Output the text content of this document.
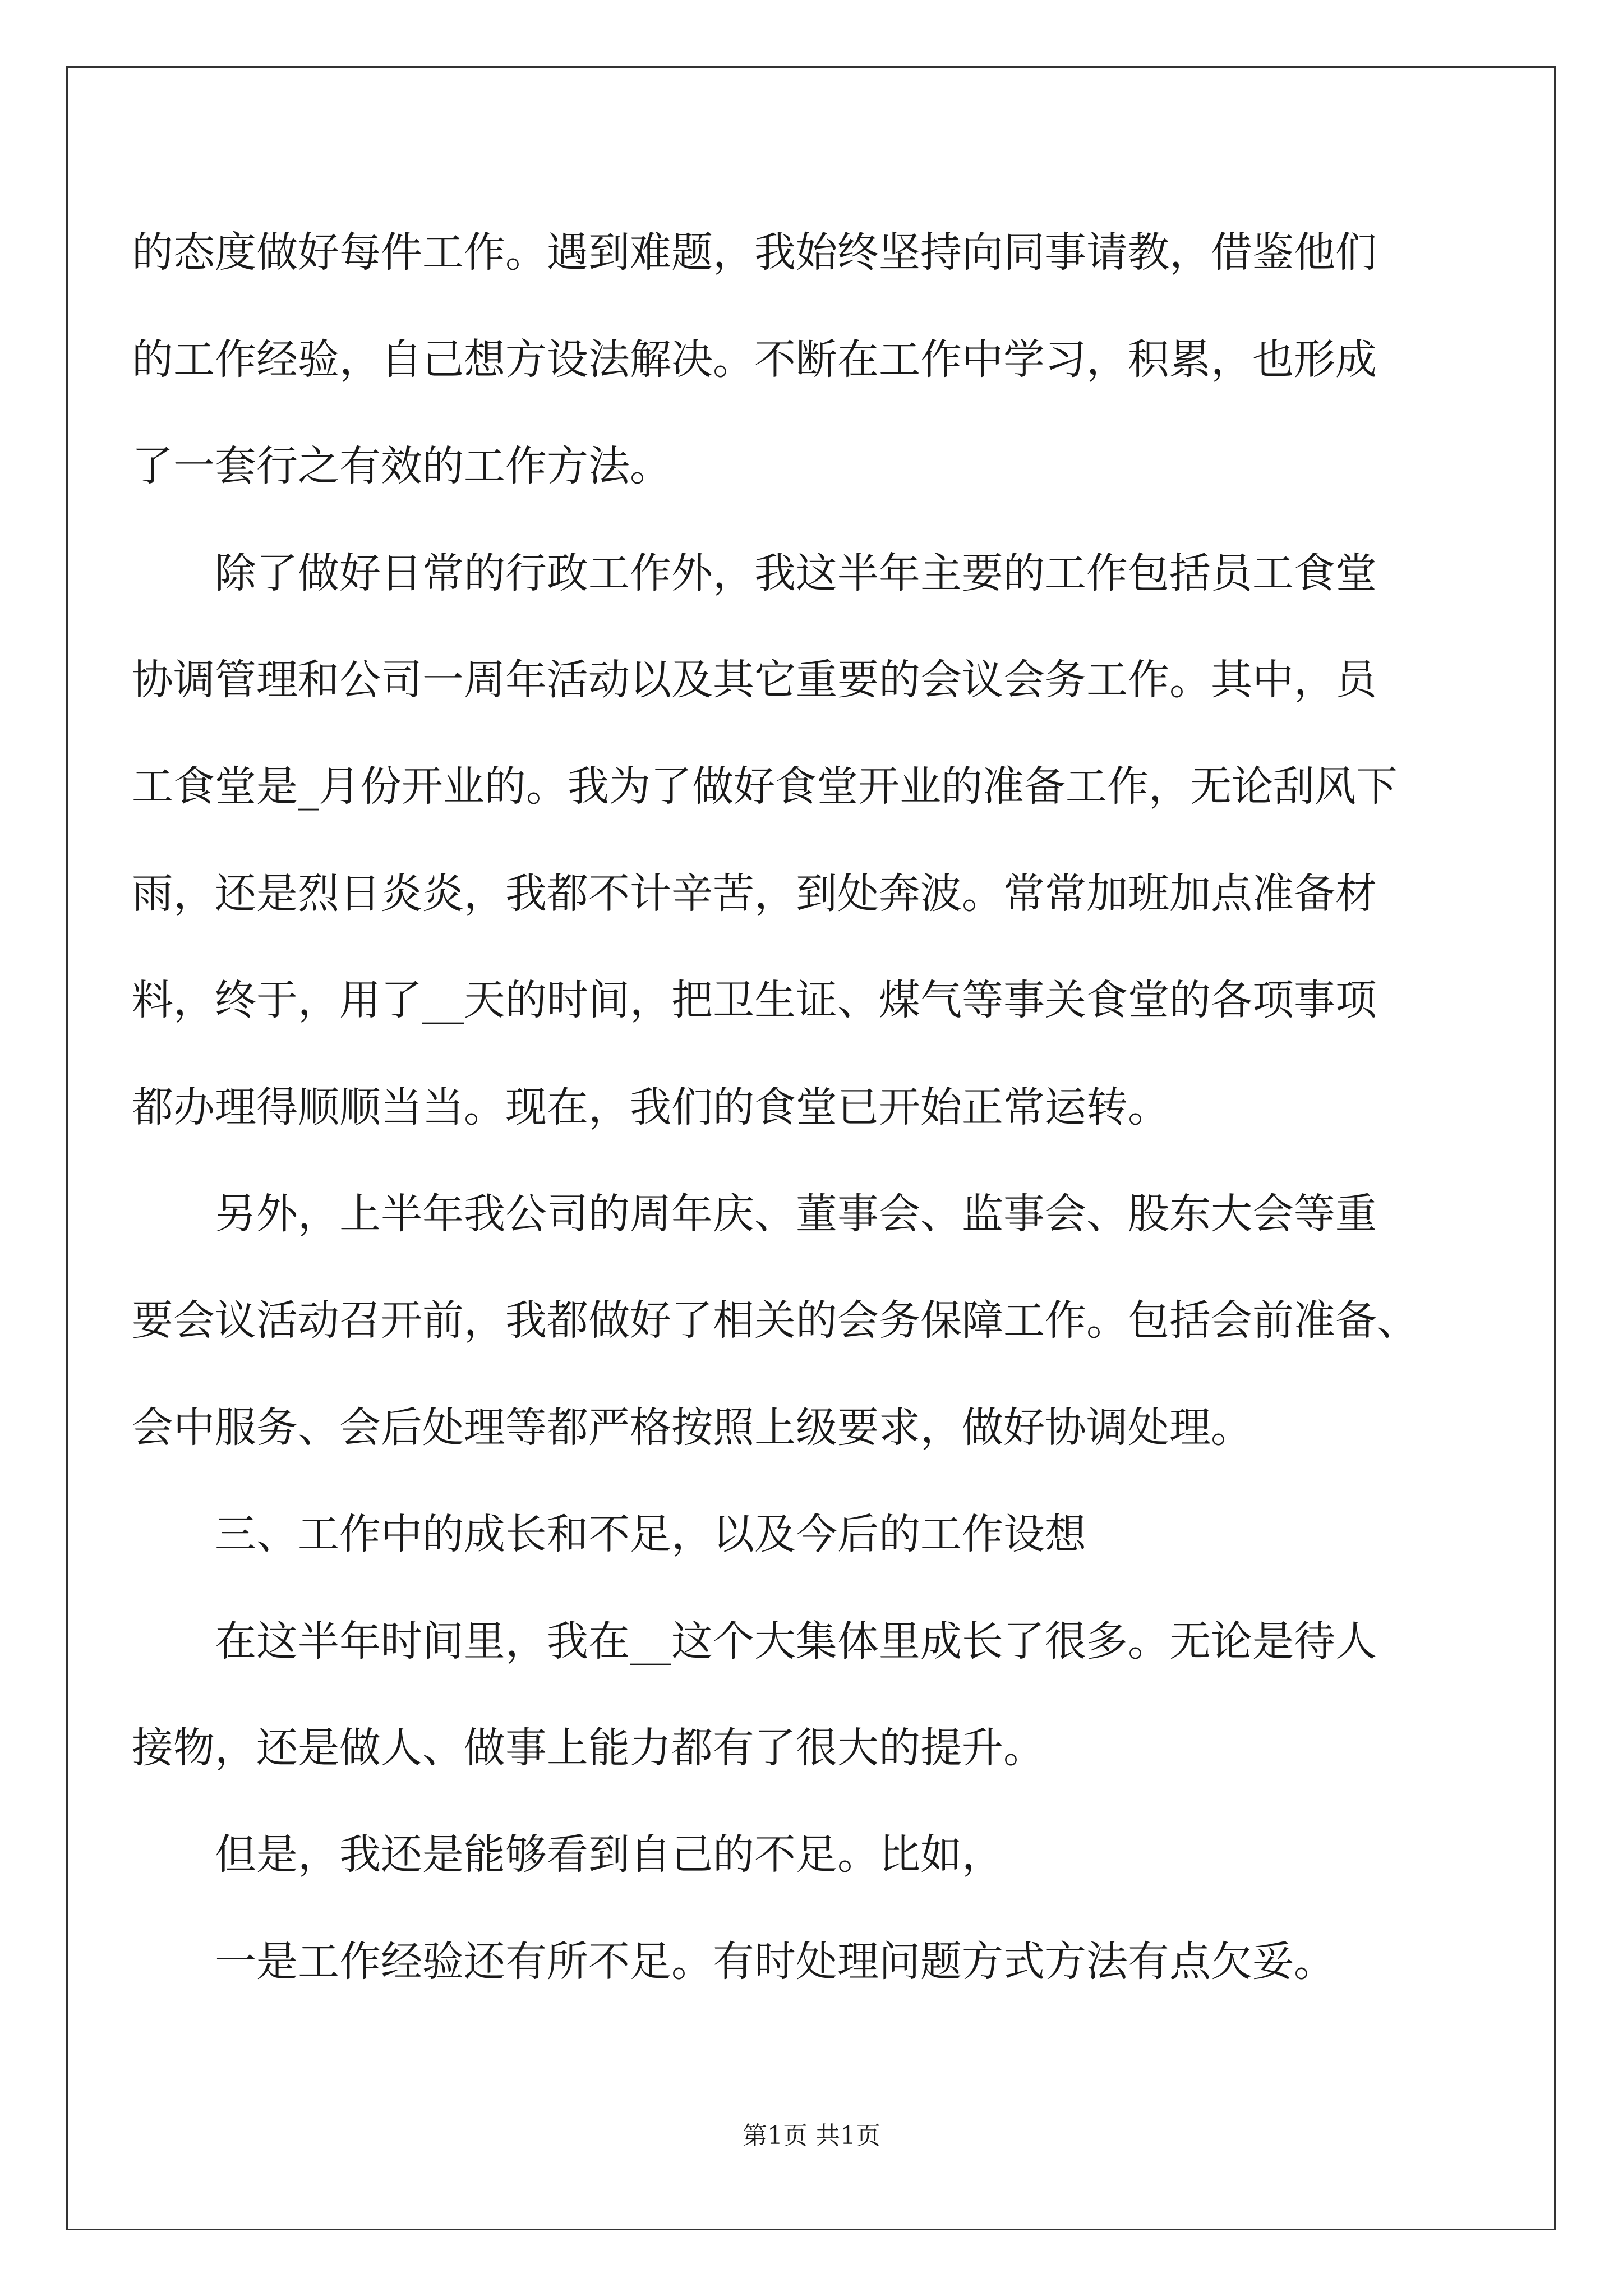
的态度做好每件工作。遇到难题，我始终坚持向同事请教，借鉴他们
的工作经验，自己想方设法解决。不断在工作中学习，积累，也形成
了一套行之有效的工作方法。
除了做好日常的行政工作外，我这半年主要的工作包括员工食堂
协调管理和公司一周年活动以及其它重要的会议会务工作。其中，员
工食堂是_月份开业的。我为了做好食堂开业的准备工作，无论刮风下
雨，还是烈日炎炎，我都不计辛苦，到处奔波。常常加班加点准备材
料，终于，用了__天的时间，把卫生证、煤气等事关食堂的各项事项
都办理得顺顺当当。现在，我们的食堂已开始正常运转。
另外，上半年我公司的周年庆、董事会、监事会、股东大会等重
要会议活动召开前，我都做好了相关的会务保障工作。包括会前准备、
会中服务、会后处理等都严格按照上级要求，做好协调处理。
三、工作中的成长和不足，以及今后的工作设想
在这半年时间里，我在__这个大集体里成长了很多。无论是待人
接物，还是做人、做事上能力都有了很大的提升。
但是，我还是能够看到自己的不足。比如，
一是工作经验还有所不足。有时处理问题方式方法有点欠妥。
第1页 共1页
